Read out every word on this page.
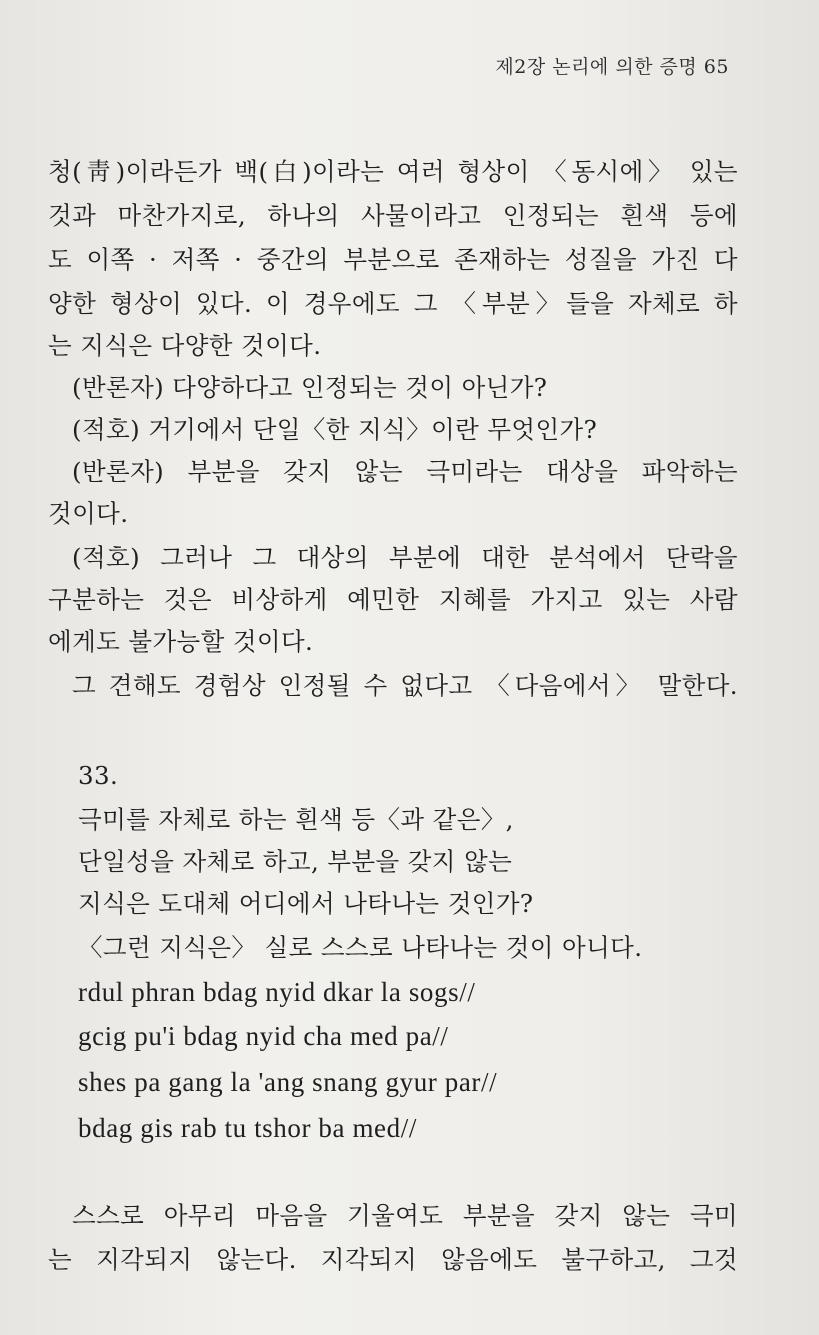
제2장 논리에 의한 증명 65
청(靑)이라든가 백(白)이라는 여러 형상이 〈동시에〉 있는
것과 마찬가지로, 하나의 사물이라고 인정되는 흰색 등에
도 이쪽 · 저쪽 · 중간의 부분으로 존재하는 성질을 가진 다
양한 형상이 있다. 이 경우에도 그 〈부분〉들을 자체로 하
는 지식은 다양한 것이다.
(반론자) 다양하다고 인정되는 것이 아닌가?
(적호) 거기에서 단일〈한 지식〉이란 무엇인가?
(반론자) 부분을 갖지 않는 극미라는 대상을 파악하는
것이다.
(적호) 그러나 그 대상의 부분에 대한 분석에서 단락을
구분하는 것은 비상하게 예민한 지혜를 가지고 있는 사람
에게도 불가능할 것이다.
그 견해도 경험상 인정될 수 없다고 〈다음에서〉 말한다.
33.
극미를 자체로 하는 흰색 등〈과 같은〉,
단일성을 자체로 하고, 부분을 갖지 않는
지식은 도대체 어디에서 나타나는 것인가?
〈그런 지식은〉 실로 스스로 나타나는 것이 아니다.
rdul phran bdag nyid dkar la sogs//
gcig pu'i bdag nyid cha med pa//
shes pa gang la 'ang snang gyur par//
bdag gis rab tu tshor ba med//
스스로 아무리 마음을 기울여도 부분을 갖지 않는 극미
는 지각되지 않는다. 지각되지 않음에도 불구하고, 그것
